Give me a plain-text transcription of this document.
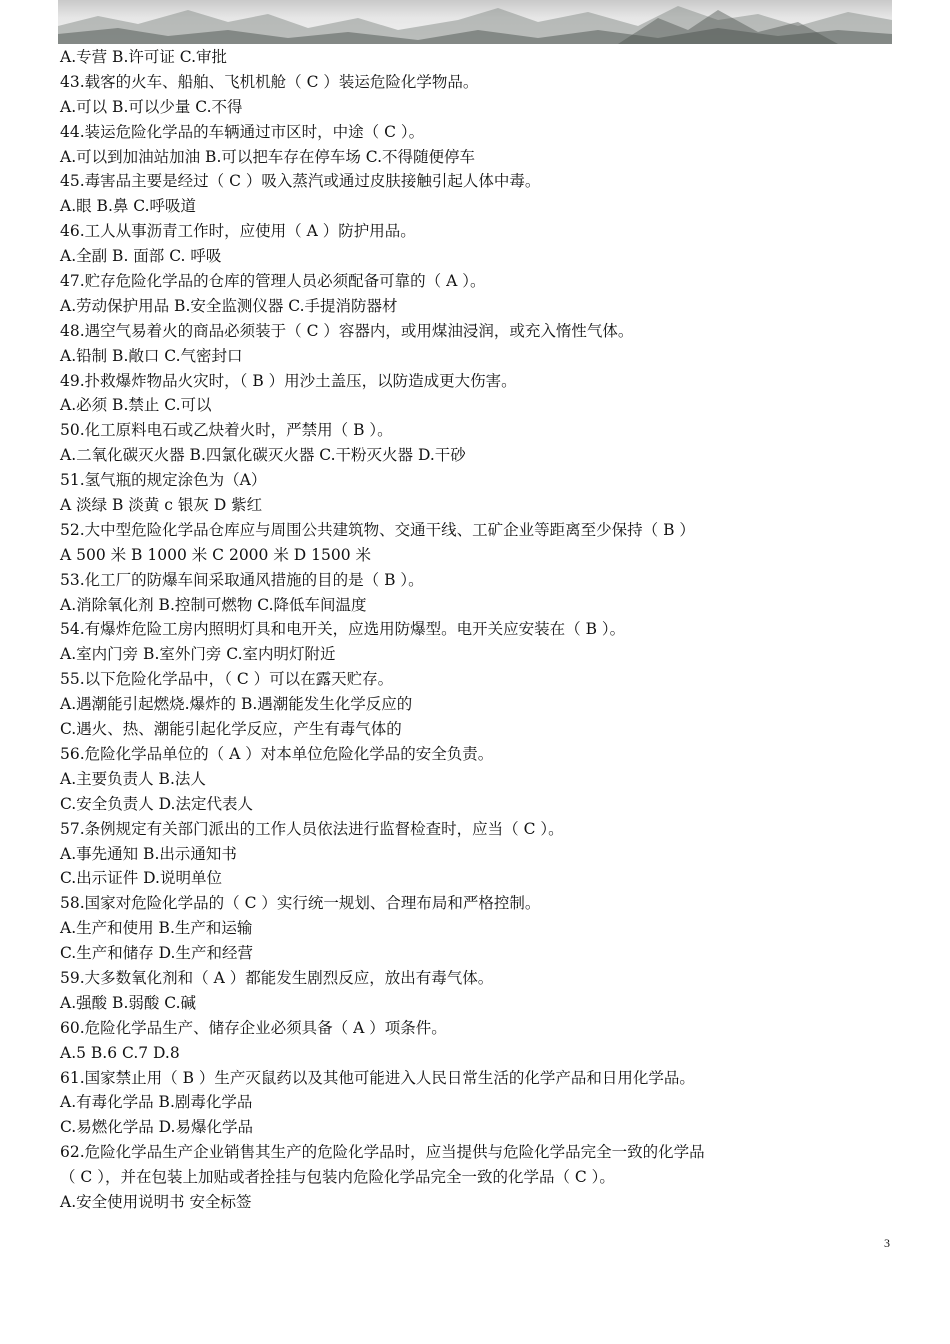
A.专营 B.许可证 C.审批
43.载客的火车、船舶、飞机机舱（ C ）装运危险化学物品。
A.可以 B.可以少量 C.不得
44.装运危险化学品的车辆通过市区时，中途（ C ）。
A.可以到加油站加油 B.可以把车存在停车场 C.不得随便停车
45.毒害品主要是经过（ C ）吸入蒸汽或通过皮肤接触引起人体中毒。
A.眼 B.鼻 C.呼吸道
46.工人从事沥青工作时，应使用（ A ）防护用品。
A.全副 B. 面部 C. 呼吸
47.贮存危险化学品的仓库的管理人员必须配备可靠的（ A ）。
A.劳动保护用品 B.安全监测仪器 C.手提消防器材
48.遇空气易着火的商品必须装于（ C ）容器内，或用煤油浸润，或充入惰性气体。
A.铅制 B.敞口 C.气密封口
49.扑救爆炸物品火灾时，（ B ）用沙土盖压，以防造成更大伤害。
A.必须 B.禁止 C.可以
50.化工原料电石或乙炔着火时，严禁用（ B ）。
A.二氧化碳灭火器 B.四氯化碳灭火器 C.干粉灭火器 D.干砂
51.氢气瓶的规定涂色为（A）
A 淡绿 B 淡黄 c 银灰 D 紫红
52.大中型危险化学品仓库应与周围公共建筑物、交通干线、工矿企业等距离至少保持（ B ）
A 500 米 B 1000 米 C 2000 米 D 1500 米
53.化工厂的防爆车间采取通风措施的目的是（ B ）。
A.消除氧化剂 B.控制可燃物 C.降低车间温度
54.有爆炸危险工房内照明灯具和电开关，应选用防爆型。电开关应安装在（ B ）。
A.室内门旁 B.室外门旁 C.室内明灯附近
55.以下危险化学品中，（ C ）可以在露天贮存。
A.遇潮能引起燃烧.爆炸的 B.遇潮能发生化学反应的
C.遇火、热、潮能引起化学反应，产生有毒气体的
56.危险化学品单位的（ A ）对本单位危险化学品的安全负责。
A.主要负责人 B.法人
C.安全负责人 D.法定代表人
57.条例规定有关部门派出的工作人员依法进行监督检查时，应当（ C ）。
A.事先通知 B.出示通知书
C.出示证件 D.说明单位
58.国家对危险化学品的（ C ）实行统一规划、合理布局和严格控制。
A.生产和使用 B.生产和运输
C.生产和储存 D.生产和经营
59.大多数氧化剂和（ A ）都能发生剧烈反应，放出有毒气体。
A.强酸 B.弱酸 C.碱
60.危险化学品生产、储存企业必须具备（ A ）项条件。
A.5 B.6 C.7 D.8
61.国家禁止用（ B ）生产灭鼠药以及其他可能进入人民日常生活的化学产品和日用化学品。
A.有毒化学品 B.剧毒化学品
C.易燃化学品 D.易爆化学品
62.危险化学品生产企业销售其生产的危险化学品时，应当提供与危险化学品完全一致的化学品
（ C ），并在包装上加贴或者拴挂与包装内危险化学品完全一致的化学品（ C ）。
A.安全使用说明书 安全标签
3
